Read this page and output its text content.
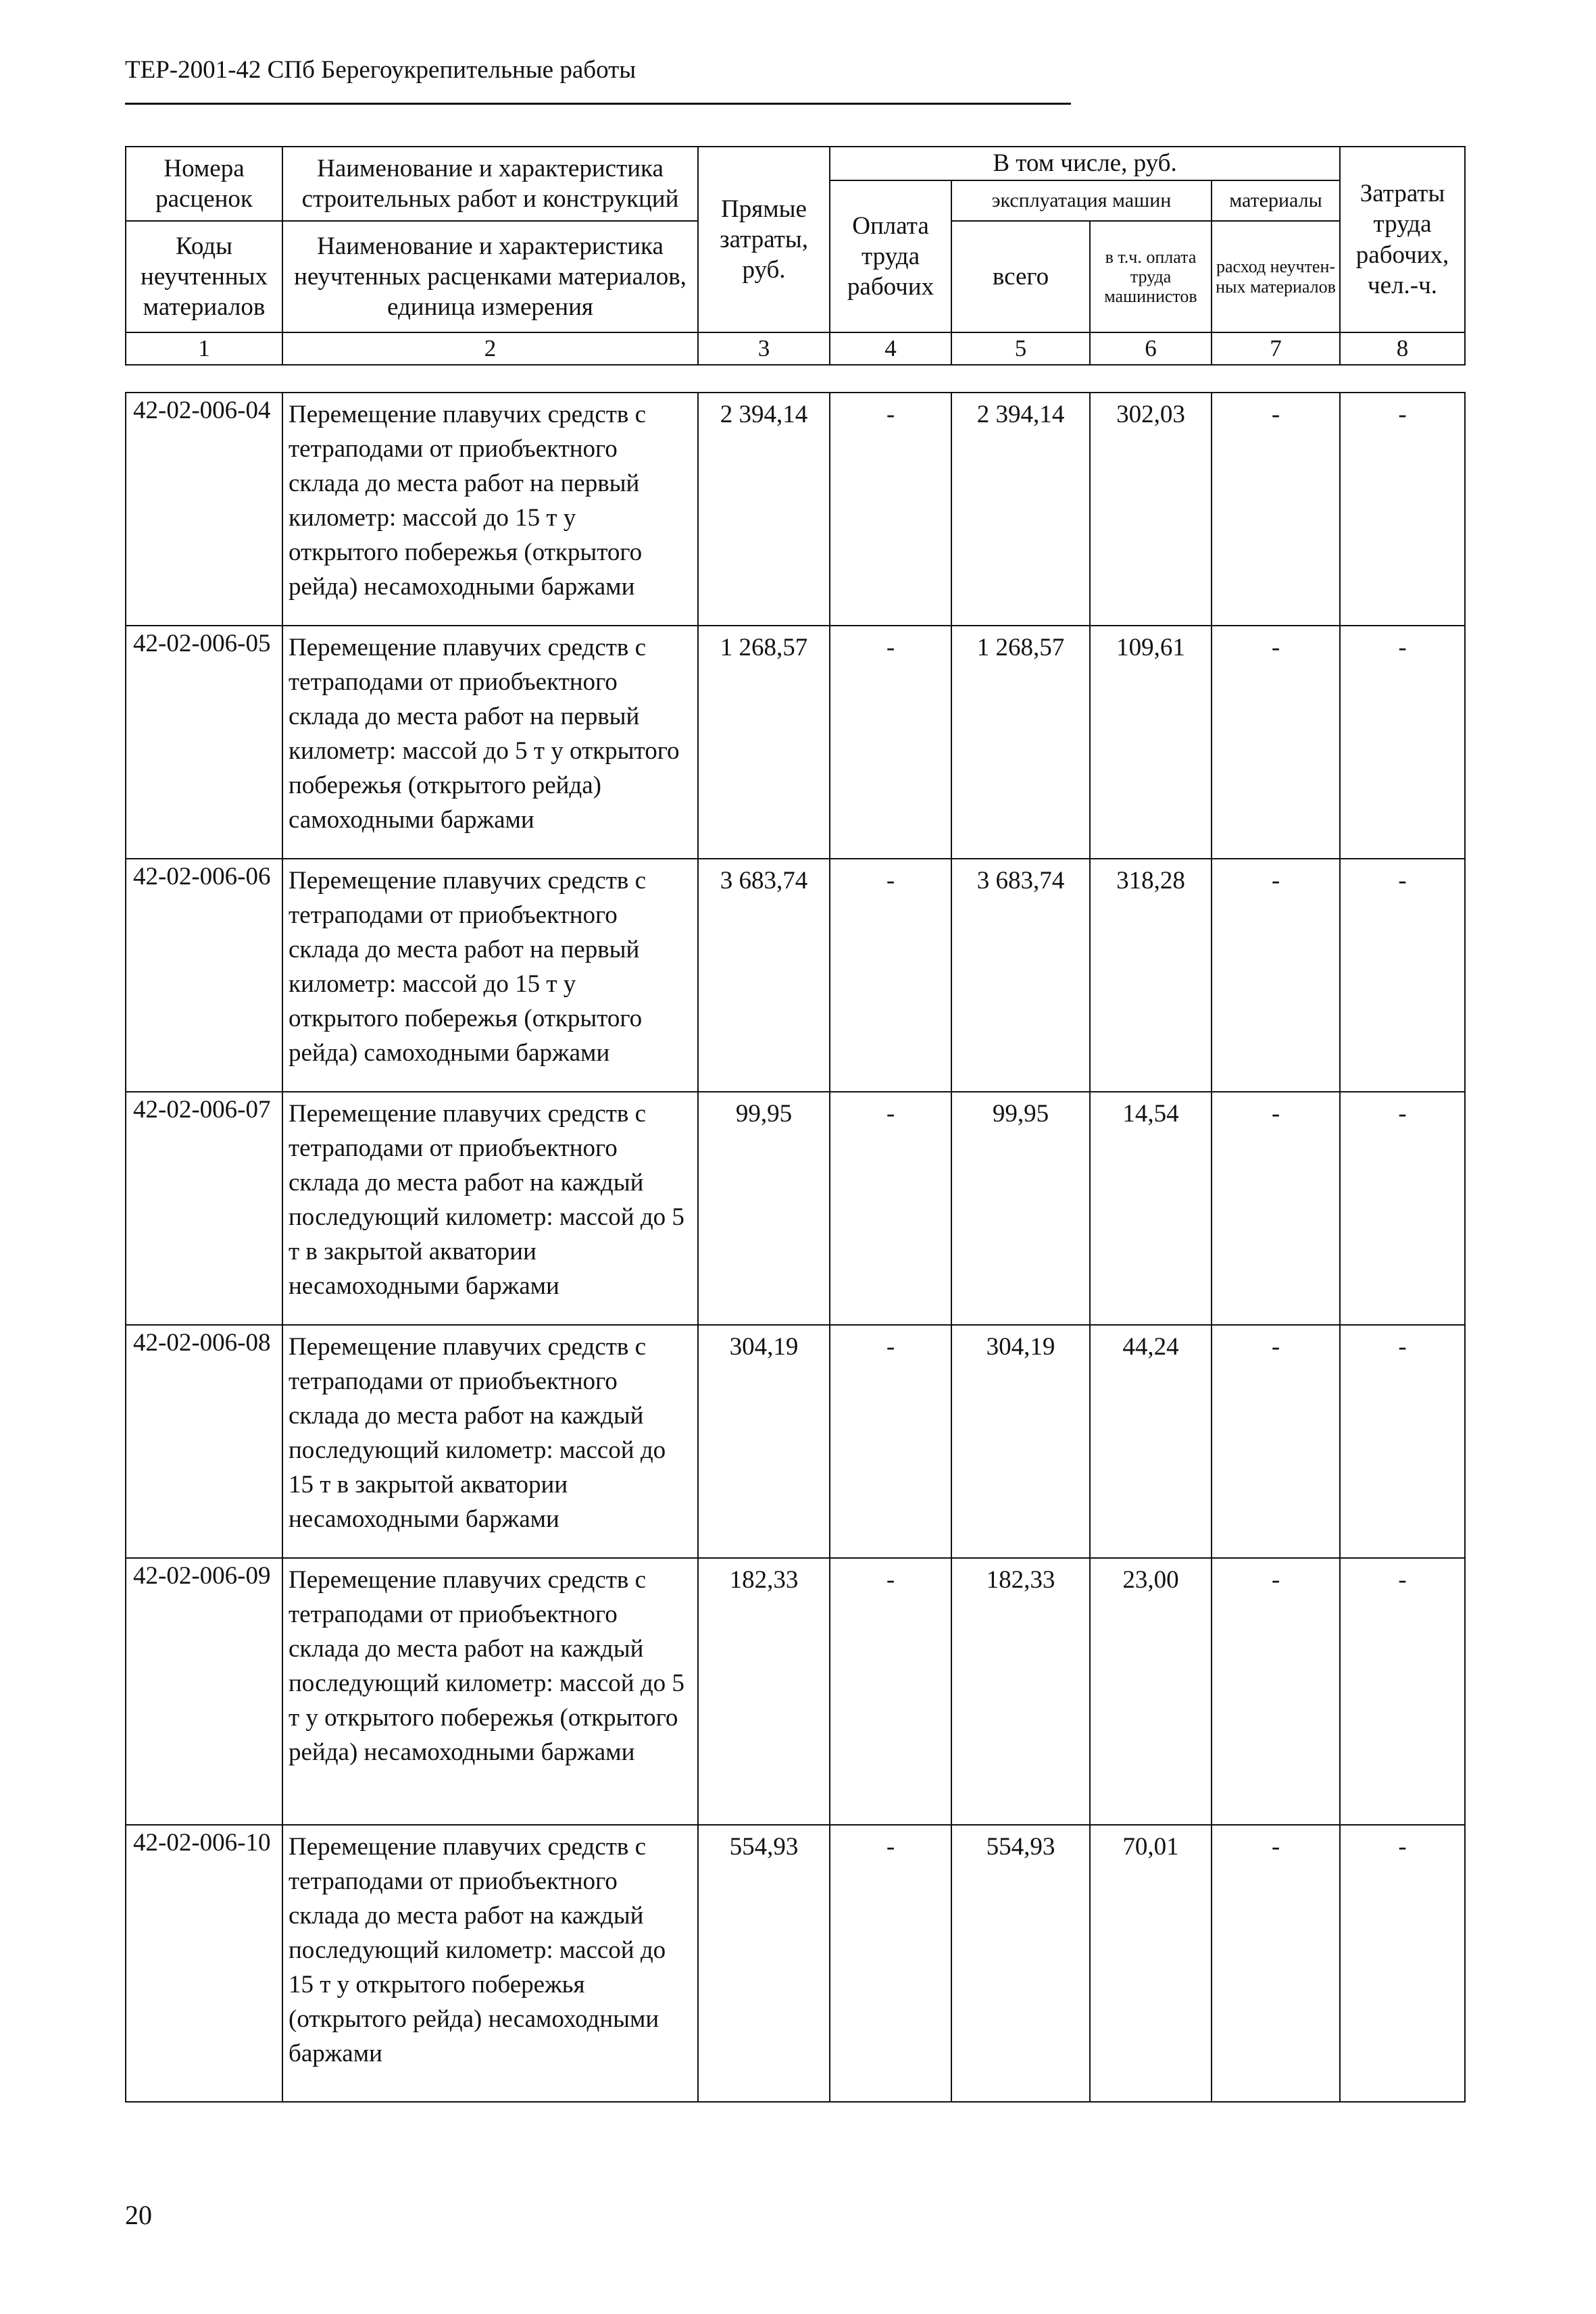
ТЕР-2001-42 СПб Берегоукрепительные работы
Номера расценок	Наименование и характеристика строительных работ и конструкций	Прямые затраты, руб.	В том числе, руб.				Затраты труда рабочих, чел.-ч.
			Оплата труда рабочих	эксплуатация машин		материалы	
Коды неучтенных материалов	Наименование и характеристика неучтенных расценками материалов, единица измерения			всего	в т.ч. оплата труда машинистов	расход неучтен-ных материалов	

1	2	3	4	5	6	7	8
42-02-006-04	Перемещение плавучих средств с тетраподами от приобъектного склада до места работ на первый километр: массой до 15 т у открытого побережья (открытого рейда) несамоходными баржами	2 394,14	-	2 394,14	302,03	-	-
42-02-006-05	Перемещение плавучих средств с тетраподами от приобъектного склада до места работ на первый километр: массой до 5 т у открытого побережья (открытого рейда) самоходными баржами	1 268,57	-	1 268,57	109,61	-	-
42-02-006-06	Перемещение плавучих средств с тетраподами от приобъектного склада до места работ на первый километр: массой до 15 т у открытого побережья (открытого рейда) самоходными баржами	3 683,74	-	3 683,74	318,28	-	-
42-02-006-07	Перемещение плавучих средств с тетраподами от приобъектного склада до места работ на каждый последующий километр: массой до 5 т в закрытой акватории несамоходными баржами	99,95	-	99,95	14,54	-	-
42-02-006-08	Перемещение плавучих средств с тетраподами от приобъектного склада до места работ на каждый последующий километр: массой до 15 т в закрытой акватории несамоходными баржами	304,19	-	304,19	44,24	-	-
42-02-006-09	Перемещение плавучих средств с тетраподами от приобъектного склада до места работ на каждый последующий километр: массой до 5 т у открытого побережья (открытого рейда) несамоходными баржами	182,33	-	182,33	23,00	-	-
42-02-006-10	Перемещение плавучих средств с тетраподами от приобъектного склада до места работ на каждый последующий километр: массой до 15 т у открытого побережья (открытого рейда) несамоходными баржами	554,93	-	554,93	70,01	-	-
20
